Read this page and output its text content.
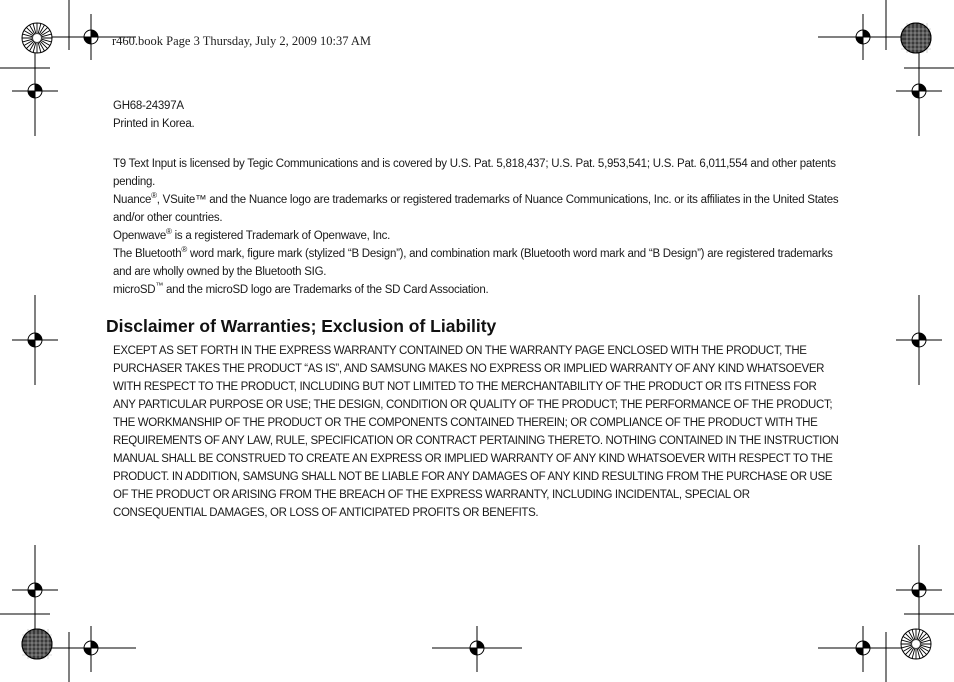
r460.book Page 3 Thursday, July 2, 2009 10:37 AM

GH68-24397A

Printed in Korea.

T9 Text Input is licensed by Tegic Communications and is covered by U.S. Pat. 5,818,437; U.S. Pat. 5,953,541; U.S. Pat. 6,011,554 and other patents pending.

Nuance®, VSuite™ and the Nuance logo are trademarks or registered trademarks of Nuance Communications, Inc. or its affiliates in the United States and/or other countries.

Openwave® is a registered Trademark of Openwave, Inc.

The Bluetooth® word mark, figure mark (stylized “B Design”), and combination mark (Bluetooth word mark and “B Design”) are registered trademarks and are wholly owned by the Bluetooth SIG.

microSD™ and the microSD logo are Trademarks of the SD Card Association.

Disclaimer of Warranties; Exclusion of Liability

EXCEPT AS SET FORTH IN THE EXPRESS WARRANTY CONTAINED ON THE WARRANTY PAGE ENCLOSED WITH THE PRODUCT, THE PURCHASER TAKES THE PRODUCT “AS IS”, AND SAMSUNG MAKES NO EXPRESS OR IMPLIED WARRANTY OF ANY KIND WHATSOEVER WITH RESPECT TO THE PRODUCT, INCLUDING BUT NOT LIMITED TO THE MERCHANTABILITY OF THE PRODUCT OR ITS FITNESS FOR ANY PARTICULAR PURPOSE OR USE; THE DESIGN, CONDITION OR QUALITY OF THE PRODUCT; THE PERFORMANCE OF THE PRODUCT; THE WORKMANSHIP OF THE PRODUCT OR THE COMPONENTS CONTAINED THEREIN; OR COMPLIANCE OF THE PRODUCT WITH THE REQUIREMENTS OF ANY LAW, RULE, SPECIFICATION OR CONTRACT PERTAINING THERETO. NOTHING CONTAINED IN THE INSTRUCTION MANUAL SHALL BE CONSTRUED TO CREATE AN EXPRESS OR IMPLIED WARRANTY OF ANY KIND WHATSOEVER WITH RESPECT TO THE PRODUCT. IN ADDITION, SAMSUNG SHALL NOT BE LIABLE FOR ANY DAMAGES OF ANY KIND RESULTING FROM THE PURCHASE OR USE OF THE PRODUCT OR ARISING FROM THE BREACH OF THE EXPRESS WARRANTY, INCLUDING INCIDENTAL, SPECIAL OR CONSEQUENTIAL DAMAGES, OR LOSS OF ANTICIPATED PROFITS OR BENEFITS.
